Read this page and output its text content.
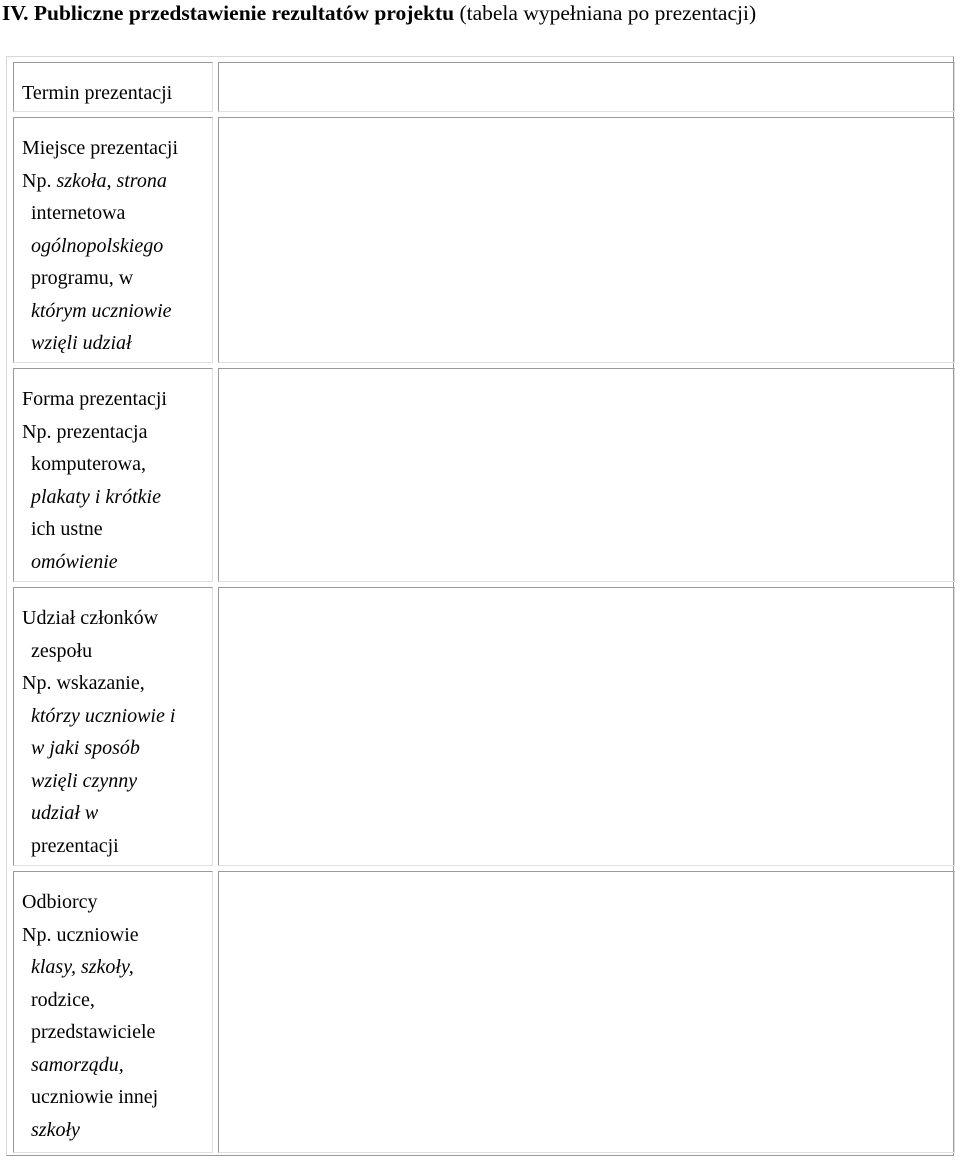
IV. Publiczne przedstawienie rezultatów projektu (tabela wypełniana po prezentacji)
Termin prezentacji
Miejsce prezentacji
Np. szkoła, strona
internetowa
ogólnopolskiego
programu, w
którym uczniowie
wzięli udział
Forma prezentacji
Np. prezentacja
komputerowa,
plakaty i krótkie
ich ustne
omówienie
Udział członków
zespołu
Np. wskazanie,
którzy uczniowie i
w jaki sposób
wzięli czynny
udział w
prezentacji
Odbiorcy
Np. uczniowie
klasy, szkoły,
rodzice,
przedstawiciele
samorządu,
uczniowie innej
szkoły
